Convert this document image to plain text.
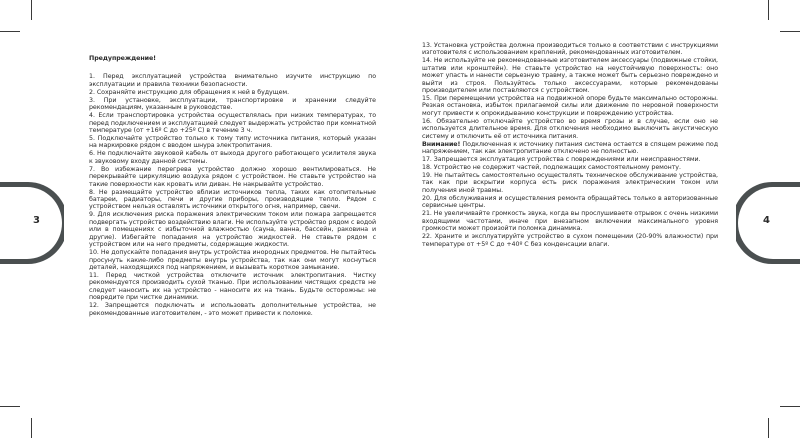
3
Предупреждение!
1. Перед эксплуатацией устройства внимательно изучите инструкцию по эксплуатации и правила техники безопасности.
2. Сохраняйте инструкцию для обращения к ней в будущем.
3. При установке, эксплуатации, транспортировке и хранении следуйте рекомендациям, указанным в руководстве.
4. Если транспортировка устройства осуществлялась при низких температурах, то перед подключением и эксплуатацией следует выдержать устройство при комнатной температуре (от +16º С до +25º С) в течение 3 ч.
5. Подключайте устройство только к тому типу источника питания, который указан на маркировке рядом с вводом шнура электропитания.
6. Не подключайте звуковой кабель от выхода другого работающего усилителя звука к звуковому входу данной системы.
7. Во избежание перегрева устройство должно хорошо вентилироваться. Не перекрывайте циркуляцию воздуха рядом с устройством. Не ставьте устройство на такие поверхности как кровать или диван. Не накрывайте устройство.
8. Не размещайте устройство вблизи источников тепла, таких как отопительные батареи, радиаторы, печи и другие приборы, производящие тепло. Рядом с устройством нельзя оставлять источники открытого огня, например, свечи.
9. Для исключения риска поражения электрическим током или пожара запрещается подвергать устройство воздействию влаги. Не используйте устройство рядом с водой или в помещениях с избыточной влажностью (сауна, ванна, бассейн, раковина и другие). Избегайте попадания на устройство жидкостей. Не ставьте рядом с устройством или на него предметы, содержащие жидкости.
10. Не допускайте попадания внутрь устройства инородных предметов. Не пытайтесь просунуть какие-либо предметы внутрь устройства, так как они могут коснуться деталей, находящихся под напряжением, и вызывать короткое замыкание.
11. Перед чисткой устройства отключите источник электропитания. Чистку рекомендуется производить сухой тканью. При использовании чистящих средств не следует наносить их на устройство - наносите их на ткань. Будьте осторожны: не повредите при чистке динамики.
12. Запрещается подключать и использовать дополнительные устройства, не рекомендованные изготовителем, - это может привести к поломке.
4
13. Установка устройства должна производиться только в соответствии с инструкциями изготовителя с использованием креплений, рекомендованных изготовителем.
14. Не используйте не рекомендованные изготовителем аксессуары (подвижные стойки, штатив или кронштейн). Не ставьте устройство на неустойчивую поверхность: оно может упасть и нанести серьезную травму, а также может быть серьезно повреждено и выйти из строя. Пользуйтесь только аксессуарами, которые рекомендованы производителем или поставляются с устройством.
15. При перемещении устройства на подвижной опоре будьте максимально осторожны. Резкая остановка, избыток прилагаемой силы или движение по неровной поверхности могут привести к опрокидыванию конструкции и повреждению устройства.
16. Обязательно отключайте устройство во время грозы и в случае, если оно не используется длительное время. Для отключения необходимо выключить акустическую систему и отключить её от источника питания.
Внимание! Подключенная к источнику питания система остается в спящем режиме под напряжением, так как электропитание отключено не полностью.
17. Запрещается эксплуатация устройства с повреждениями или неисправностями.
18. Устройство не содержит частей, подлежащих самостоятельному ремонту.
19. Не пытайтесь самостоятельно осуществлять техническое обслуживание устройства, так как при вскрытии корпуса есть риск поражения электрическим током или получения иной травмы.
20. Для обслуживания и осуществления ремонта обращайтесь только в авторизованные сервисные центры.
21. Не увеличивайте громкость звука, когда вы прослушиваете отрывок с очень низкими входящими частотами, иначе при внезапном включении максимального уровня громкости может произойти поломка динамика.
22. Храните и эксплуатируйте устройство в сухом помещении (20-90% влажности) при температуре от +5º С до +40º С без конденсации влаги.
